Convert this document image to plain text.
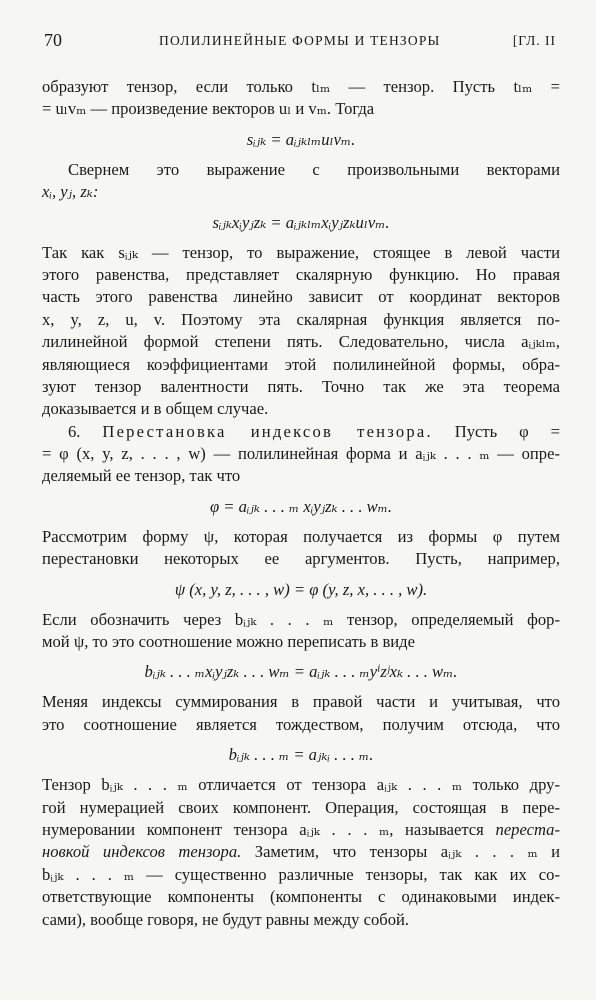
70	ПОЛИЛИНЕЙНЫЕ ФОРМЫ И ТЕНЗОРЫ	[ГЛ. II
образуют тензор, если только tₗₘ — тензор. Пусть tₗₘ =
= uₗvₘ — произведение векторов uₗ и vₘ. Тогда
sᵢⱼₖ = aᵢⱼₖₗₘuₗvₘ.
Свернем это выражение с произвольными векторами
xᵢ, yⱼ, zₖ:
sᵢⱼₖxᵢyⱼzₖ = aᵢⱼₖₗₘxᵢyⱼzₖuₗvₘ.
Так как sᵢⱼₖ — тензор, то выражение, стоящее в левой части
этого равенства, представляет скалярную функцию. Но правая
часть этого равенства линейно зависит от координат векторов
x, y, z, u, v. Поэтому эта скалярная функция является по-
лилинейной формой степени пять. Следовательно, числа aᵢⱼₖₗₘ,
являющиеся коэффициентами этой полилинейной формы, обра-
зуют тензор валентности пять. Точно так же эта теорема
доказывается и в общем случае.
6. Перестановка индексов тензора. Пусть φ =
= φ (x, y, z, . . . , w) — полилинейная форма и aᵢⱼₖ . . . ₘ — опре-
деляемый ее тензор, так что
φ = aᵢⱼₖ . . . ₘ xᵢyⱼzₖ . . . wₘ.
Рассмотрим форму ψ, которая получается из формы φ путем
перестановки некоторых ее аргументов. Пусть, например,
ψ (x, y, z, . . . , w) = φ (y, z, x, . . . , w).
Если обозначить через bᵢⱼₖ . . . ₘ тензор, определяемый фор-
мой ψ, то это соотношение можно переписать в виде
bᵢⱼₖ . . . ₘxᵢyⱼzₖ . . . wₘ = aᵢⱼₖ . . . ₘyⁱzʲxₖ . . . wₘ.
Меняя индексы суммирования в правой части и учитывая, что
это соотношение является тождеством, получим отсюда, что
bᵢⱼₖ . . . ₘ = aⱼₖᵢ . . . ₘ.
Тензор bᵢⱼₖ . . . ₘ отличается от тензора aᵢⱼₖ . . . ₘ только дру-
гой нумерацией своих компонент. Операция, состоящая в пере-
нумеровании компонент тензора aᵢⱼₖ . . . ₘ, называется переста-
новкой индексов тензора. Заметим, что тензоры aᵢⱼₖ . . . ₘ и
bᵢⱼₖ . . . ₘ — существенно различные тензоры, так как их со-
ответствующие компоненты (компоненты с одинаковыми индек-
сами), вообще говоря, не будут равны между собой.
